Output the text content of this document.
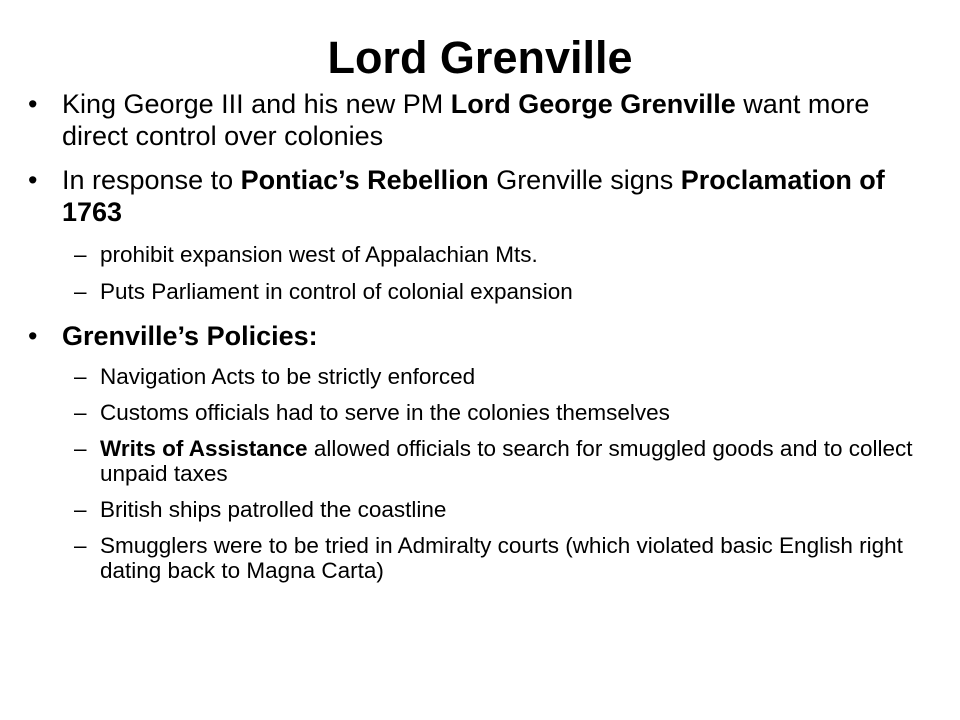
Lord Grenville
• King George III and his new PM Lord George Grenville want more direct control over colonies
• In response to Pontiac’s Rebellion Grenville signs Proclamation of 1763
– prohibit expansion west of Appalachian Mts.
– Puts Parliament in control of colonial expansion
• Grenville’s Policies:
– Navigation Acts to be strictly enforced
– Customs officials had to serve in the colonies themselves
– Writs of Assistance allowed officials to search for smuggled goods and to collect unpaid taxes
– British ships patrolled the coastline
– Smugglers were to be tried in Admiralty courts (which violated basic English right dating back to Magna Carta)
